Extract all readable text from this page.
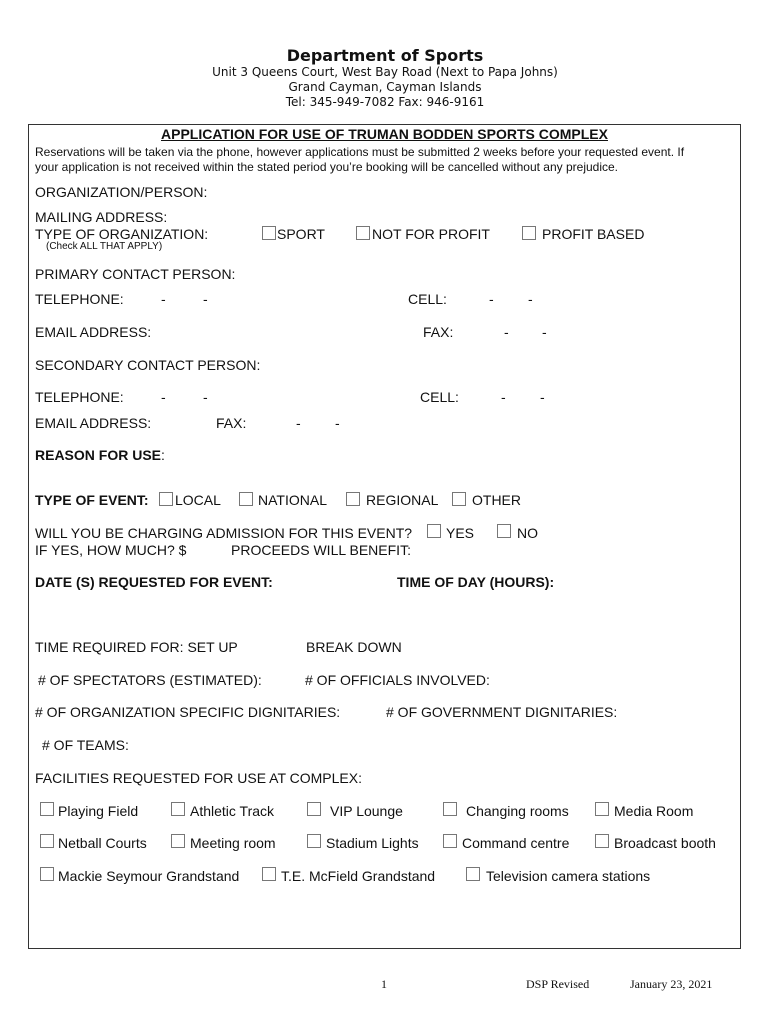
Department of Sports
Unit 3 Queens Court, West Bay Road (Next to Papa Johns)
Grand Cayman, Cayman Islands
Tel: 345-949-7082 Fax: 946-9161
APPLICATION FOR USE OF TRUMAN BODDEN SPORTS COMPLEX
Reservations will be taken via the phone, however applications must be submitted 2 weeks before your requested event. If
your application is not received within the stated period you’re booking will be cancelled without any prejudice.
ORGANIZATION/PERSON:
MAILING ADDRESS:
TYPE OF ORGANIZATION:
(Check ALL THAT APPLY)
SPORT	NOT FOR PROFIT	PROFIT BASED
PRIMARY CONTACT PERSON:
TELEPHONE:	-	-	CELL:	- -
EMAIL ADDRESS:	FAX:	- -
SECONDARY CONTACT PERSON:
TELEPHONE:	-	-	CELL:	- -
EMAIL ADDRESS:	FAX:	- -
REASON FOR USE:
TYPE OF EVENT: LOCAL	NATIONAL	REGIONAL OTHER
WILL YOU BE CHARGING ADMISSION FOR THIS EVENT? YES	NO
IF YES, HOW MUCH? $	PROCEEDS WILL BENEFIT:
DATE (S) REQUESTED FOR EVENT:	TIME OF DAY (HOURS):
TIME REQUIRED FOR: SET UP	BREAK DOWN
# OF SPECTATORS (ESTIMATED):	# OF OFFICIALS INVOLVED:
# OF ORGANIZATION SPECIFIC DIGNITARIES:	# OF GOVERNMENT DIGNITARIES:
# OF TEAMS:
FACILITIES REQUESTED FOR USE AT COMPLEX:
Playing Field	Athletic Track	VIP Lounge	Changing rooms	Media Room
Netball Courts	Meeting room	Stadium Lights	Command centre	Broadcast booth
Mackie Seymour Grandstand	T.E. McField Grandstand	Television camera stations
1	DSP Revised	January 23, 2021
